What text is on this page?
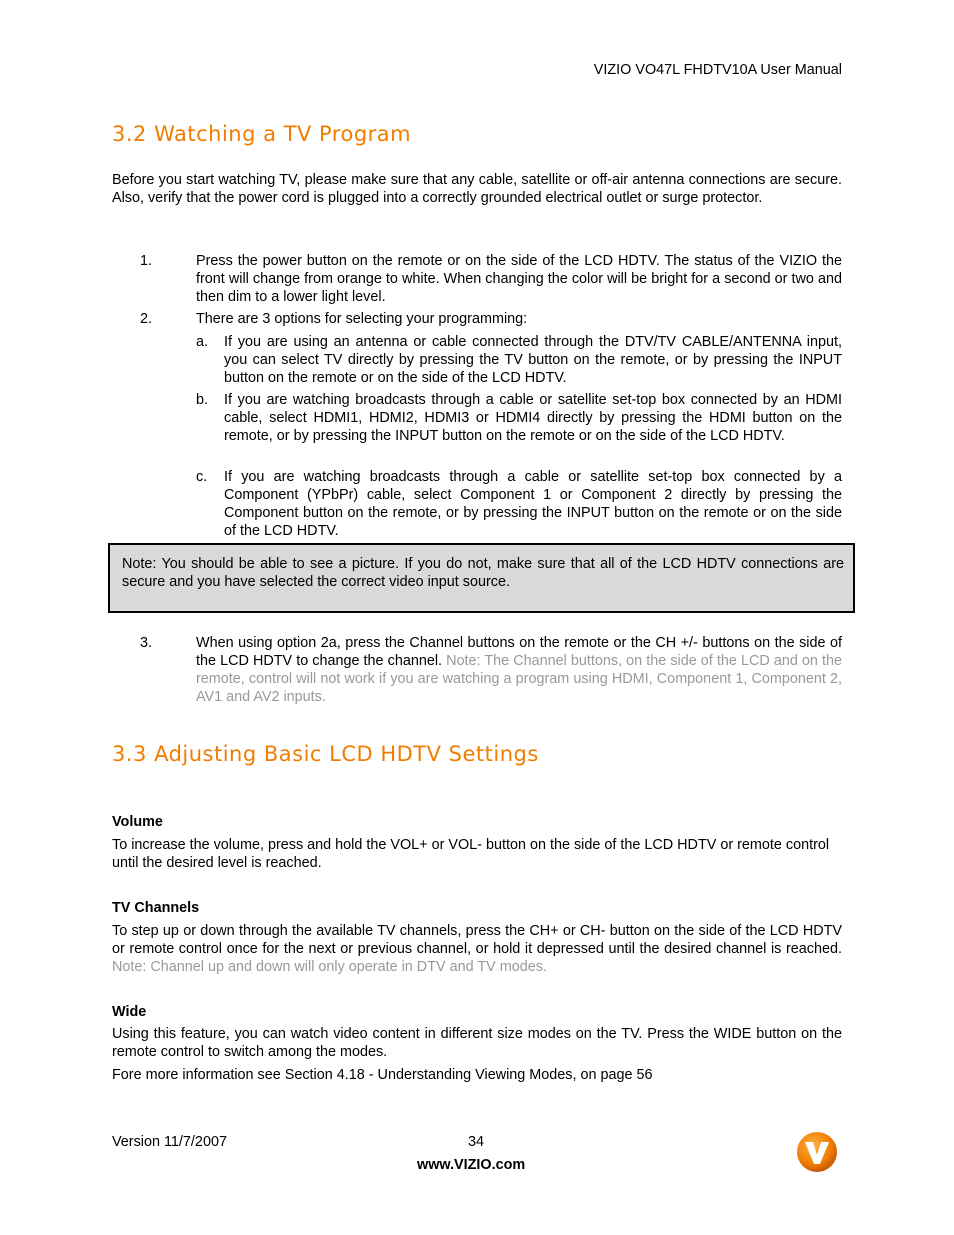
VIZIO VO47L FHDTV10A User Manual
3.2 Watching a TV Program
Before you start watching TV, please make sure that any cable, satellite or off-air antenna connections are secure. Also, verify that the power cord is plugged into a correctly grounded electrical outlet or surge protector.
1.	Press the power button on the remote or on the side of the LCD HDTV. The status of the VIZIO the front will change from orange to white. When changing the color will be bright for a second or two and then dim to a lower light level.
2.	There are 3 options for selecting your programming:
a.	If you are using an antenna or cable connected through the DTV/TV CABLE/ANTENNA input, you can select TV directly by pressing the TV button on the remote, or by pressing the INPUT button on the remote or on the side of the LCD HDTV.
b.	If you are watching broadcasts through a cable or satellite set-top box connected by an HDMI cable, select HDMI1, HDMI2, HDMI3 or HDMI4 directly by pressing the HDMI button on the remote, or by pressing the INPUT button on the remote or on the side of the LCD HDTV.
c.	If you are watching broadcasts through a cable or satellite set-top box connected by a Component (YPbPr) cable, select Component 1 or Component 2 directly by pressing the Component button on the remote, or by pressing the INPUT button on the remote or on the side of the LCD HDTV.
Note: You should be able to see a picture. If you do not, make sure that all of the LCD HDTV connections are secure and you have selected the correct video input source.
3.	When using option 2a, press the Channel buttons on the remote or the CH +/- buttons on the side of the LCD HDTV to change the channel. Note: The Channel buttons, on the side of the LCD and on the remote, control will not work if you are watching a program using HDMI, Component 1, Component 2, AV1 and AV2 inputs.
3.3 Adjusting Basic LCD HDTV Settings
Volume
To increase the volume, press and hold the VOL+ or VOL- button on the side of the LCD HDTV or remote control until the desired level is reached.
TV Channels
To step up or down through the available TV channels, press the CH+ or CH- button on the side of the LCD HDTV or remote control once for the next or previous channel, or hold it depressed until the desired channel is reached. Note: Channel up and down will only operate in DTV and TV modes.
Wide
Using this feature, you can watch video content in different size modes on the TV. Press the WIDE button on the remote control to switch among the modes.
Fore more information see Section 4.18 - Understanding Viewing Modes, on page 56
Version 11/7/2007	34
www.VIZIO.com
